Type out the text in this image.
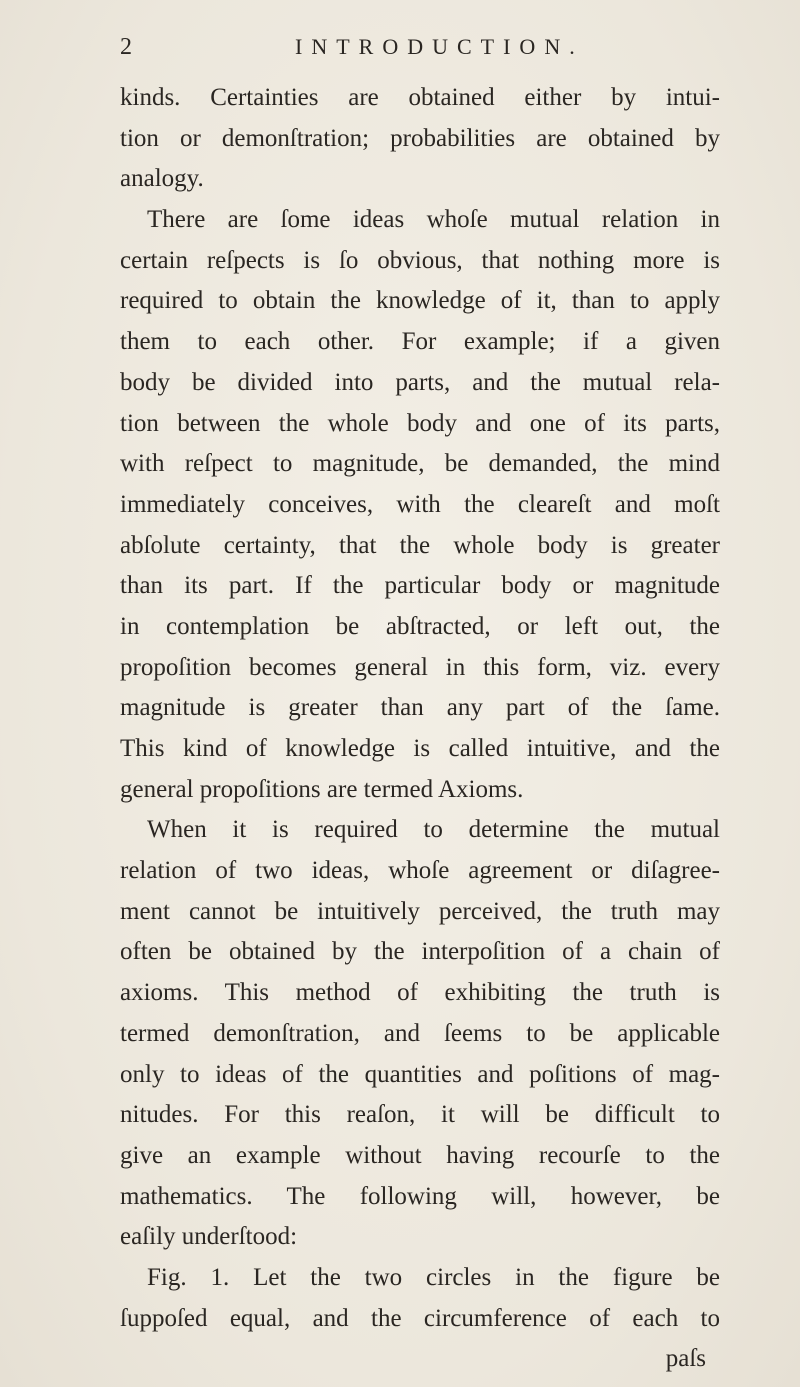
2	INTRODUCTION.
kinds. Certainties are obtained either by intui-
tion or demonſtration; probabilities are obtained by
analogy.
There are ſome ideas whoſe mutual relation in
certain reſpects is ſo obvious, that nothing more is
required to obtain the knowledge of it, than to apply
them to each other. For example; if a given
body be divided into parts, and the mutual rela-
tion between the whole body and one of its parts,
with reſpect to magnitude, be demanded, the mind
immediately conceives, with the cleareſt and moſt
abſolute certainty, that the whole body is greater
than its part. If the particular body or magnitude
in contemplation be abſtracted, or left out, the
propoſition becomes general in this form, viz. every
magnitude is greater than any part of the ſame.
This kind of knowledge is called intuitive, and the
general propoſitions are termed Axioms.
When it is required to determine the mutual
relation of two ideas, whoſe agreement or diſagree-
ment cannot be intuitively perceived, the truth may
often be obtained by the interpoſition of a chain of
axioms. This method of exhibiting the truth is
termed demonſtration, and ſeems to be applicable
only to ideas of the quantities and poſitions of mag-
nitudes. For this reaſon, it will be difficult to
give an example without having recourſe to the
mathematics. The following will, however, be
eaſily underſtood:
Fig. 1. Let the two circles in the figure be
ſuppoſed equal, and the circumference of each to
paſs
